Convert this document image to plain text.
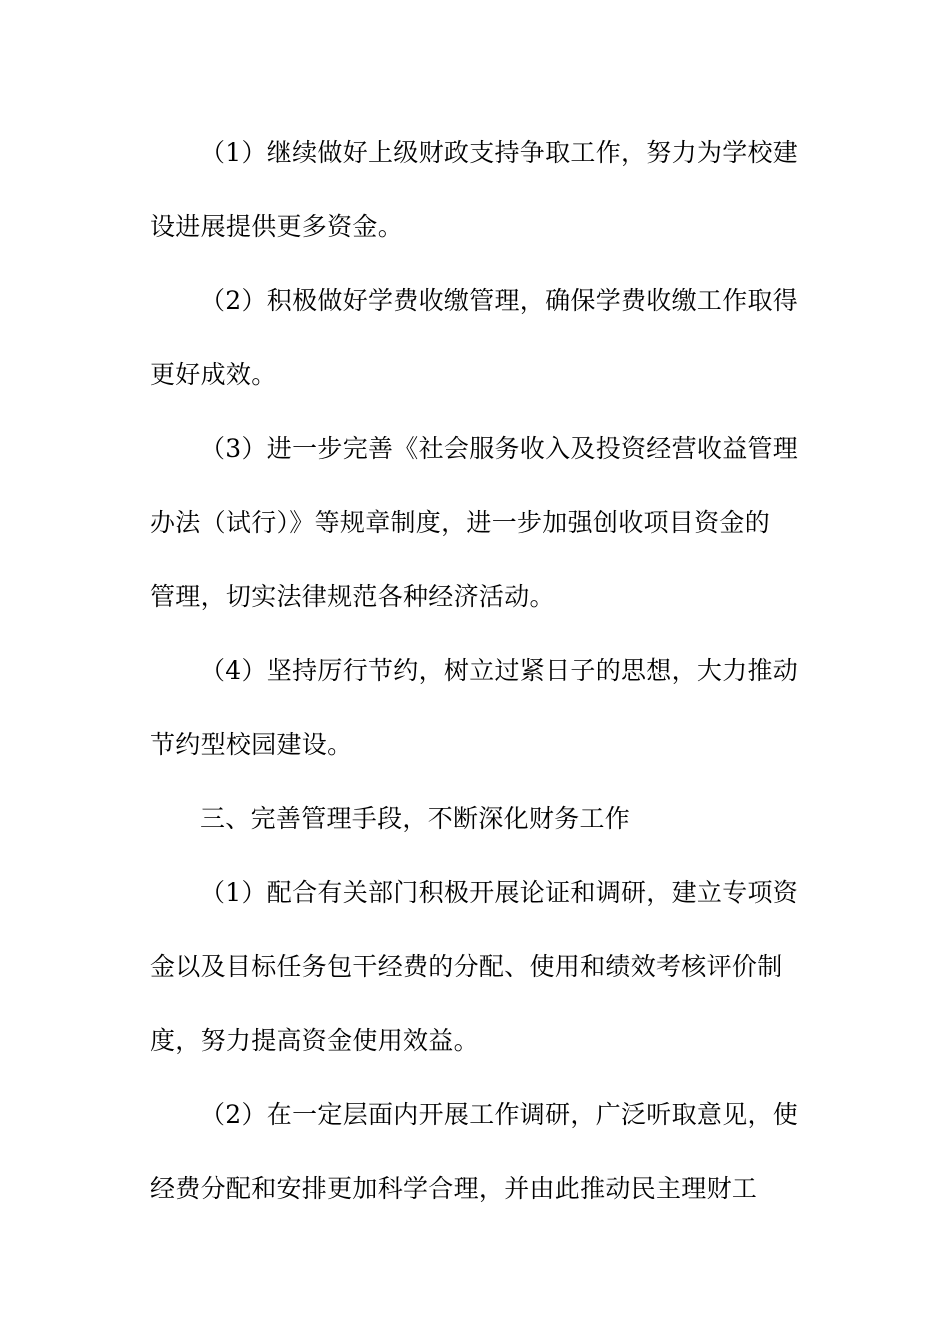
（1）继续做好上级财政支持争取工作，努力为学校建
设进展提供更多资金。
（2）积极做好学费收缴管理，确保学费收缴工作取得
更好成效。
（3）进一步完善《社会服务收入及投资经营收益管理
办法（试行）》等规章制度，进一步加强创收项目资金的
管理，切实法律规范各种经济活动。
（4）坚持厉行节约，树立过紧日子的思想，大力推动
节约型校园建设。
三、完善管理手段，不断深化财务工作
（1）配合有关部门积极开展论证和调研，建立专项资
金以及目标任务包干经费的分配、使用和绩效考核评价制
度，努力提高资金使用效益。
（2）在一定层面内开展工作调研，广泛听取意见，使
经费分配和安排更加科学合理，并由此推动民主理财工
